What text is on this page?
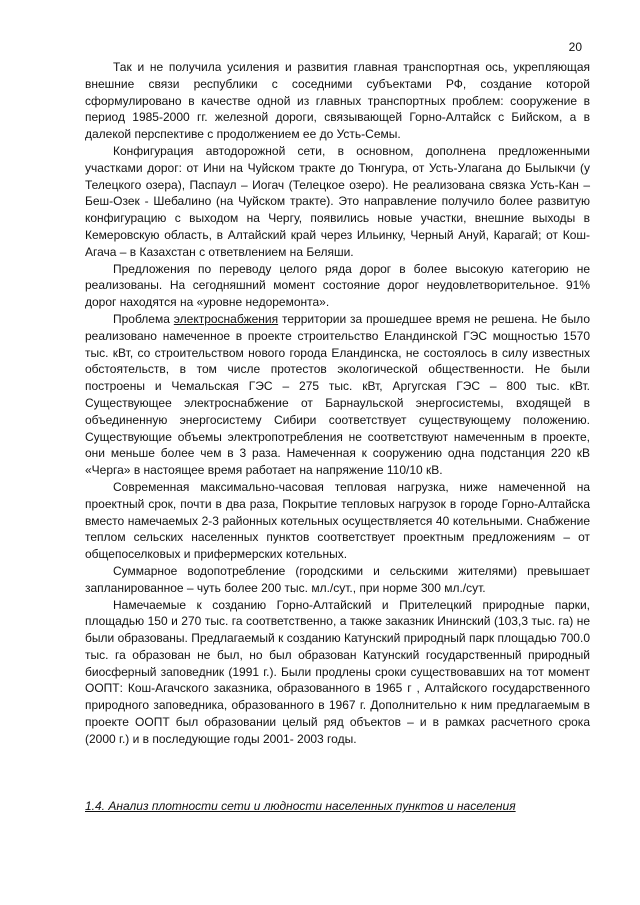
20

Так и не получила усиления и развития главная транспортная ось, укрепляющая внешние связи республики с соседними субъектами РФ, создание которой сформулировано в качестве одной из главных транспортных проблем: сооружение в период 1985-2000 гг. железной дороги, связывающей Горно-Алтайск с Бийском, а в далекой перспективе с продолжением ее до Усть-Семы.

Конфигурация автодорожной сети, в основном, дополнена предложенными участками дорог: от Ини на Чуйском тракте до Тюнгура, от Усть-Улагана до Былыкчи (у Телецкого озера), Паспаул – Иогач (Телецкое озеро). Не реализована связка Усть-Кан – Беш-Озек - Шебалино (на Чуйском тракте). Это направление получило более развитую конфигурацию с выходом на Чергу, появились новые участки, внешние выходы в Кемеровскую область, в Алтайский край через Ильинку, Черный Ануй, Карагай; от Кош-Агача – в Казахстан с ответвлением на Беляши.

Предложения по переводу целого ряда дорог в более высокую категорию не реализованы. На сегодняшний момент состояние дорог неудовлетворительное. 91% дорог находятся на «уровне недоремонта».

Проблема электроснабжения территории за прошедшее время не решена. Не было реализовано намеченное в проекте строительство Еландинской ГЭС мощностью 1570 тыс. кВт, со строительством нового города Еландинска, не состоялось в силу известных обстоятельств, в том числе протестов экологической общественности. Не были построены и Чемальская ГЭС – 275 тыс. кВт, Аргугская ГЭС – 800 тыс. кВт. Существующее электроснабжение от Барнаульской энергосистемы, входящей в объединенную энергосистему Сибири соответствует существующему положению. Существующие объемы электропотребления не соответствуют намеченным в проекте, они меньше более чем в 3 раза. Намеченная к сооружению одна подстанция 220 кВ «Черга» в настоящее время работает на напряжение 110/10 кВ.

Современная максимально-часовая тепловая нагрузка, ниже намеченной на проектный срок, почти в два раза, Покрытие тепловых нагрузок в городе Горно-Алтайска вместо намечаемых 2-3 районных котельных осуществляется 40 котельными. Снабжение теплом сельских населенных пунктов соответствует проектным предложениям – от общепоселковых и прифермерских котельных.

Суммарное водопотребление (городскими и сельскими жителями) превышает запланированное – чуть более 200 тыс. мл./сут., при норме 300 мл./сут.

Намечаемые к созданию Горно-Алтайский и Прителецкий природные парки, площадью 150 и 270 тыс. га соответственно, а также заказник Ининский (103,3 тыс. га) не были образованы. Предлагаемый к созданию Катунский природный парк площадью 700.0 тыс. га образован не был, но был образован Катунский государственный природный биосферный заповедник (1991 г.). Были продлены сроки существовавших на тот момент ООПТ: Кош-Агачского заказника, образованного в 1965 г , Алтайского государственного природного заповедника, образованного в 1967 г. Дополнительно к ним предлагаемым в проекте ООПТ был образовании целый ряд объектов – и в рамках расчетного срока (2000 г.) и в последующие годы 2001- 2003 годы.

1.4. Анализ плотности сети и людности населенных пунктов и населения
